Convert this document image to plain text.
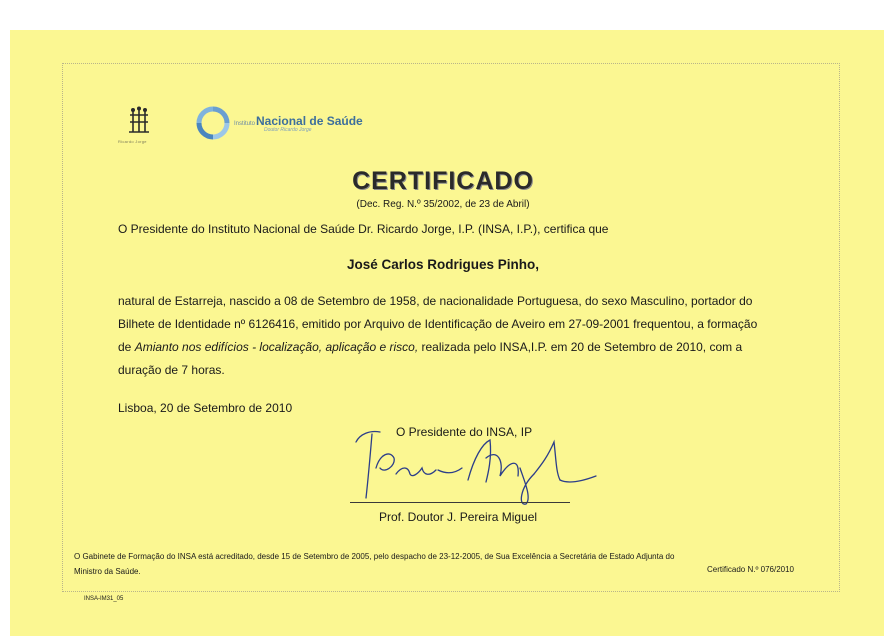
Ricardo Jorge
InstitutoNacional de Saúde
Doutor Ricardo Jorge
CERTIFICADO
(Dec. Reg. N.º 35/2002, de 23 de Abril)
O Presidente do Instituto Nacional de Saúde Dr. Ricardo Jorge, I.P. (INSA, I.P.), certifica que
José Carlos Rodrigues Pinho,
natural de Estarreja, nascido a 08 de Setembro de 1958, de nacionalidade Portuguesa, do sexo Masculino, portador do
Bilhete de Identidade nº 6126416, emitido por Arquivo de Identificação de Aveiro em 27-09-2001 frequentou, a formação
de Amianto nos edifícios - localização, aplicação e risco, realizada pelo INSA,I.P. em 20 de Setembro de 2010, com a
duração de 7 horas.
Lisboa, 20 de Setembro de 2010
O Presidente do INSA, IP
Prof. Doutor J. Pereira Miguel
O Gabinete de Formação do INSA está acreditado, desde 15 de Setembro de 2005, pelo despacho de 23-12-2005, de Sua Excelência a Secretária de Estado Adjunta do
Ministro da Saúde.	Certificado N.º 076/2010
INSA-IM31_05
